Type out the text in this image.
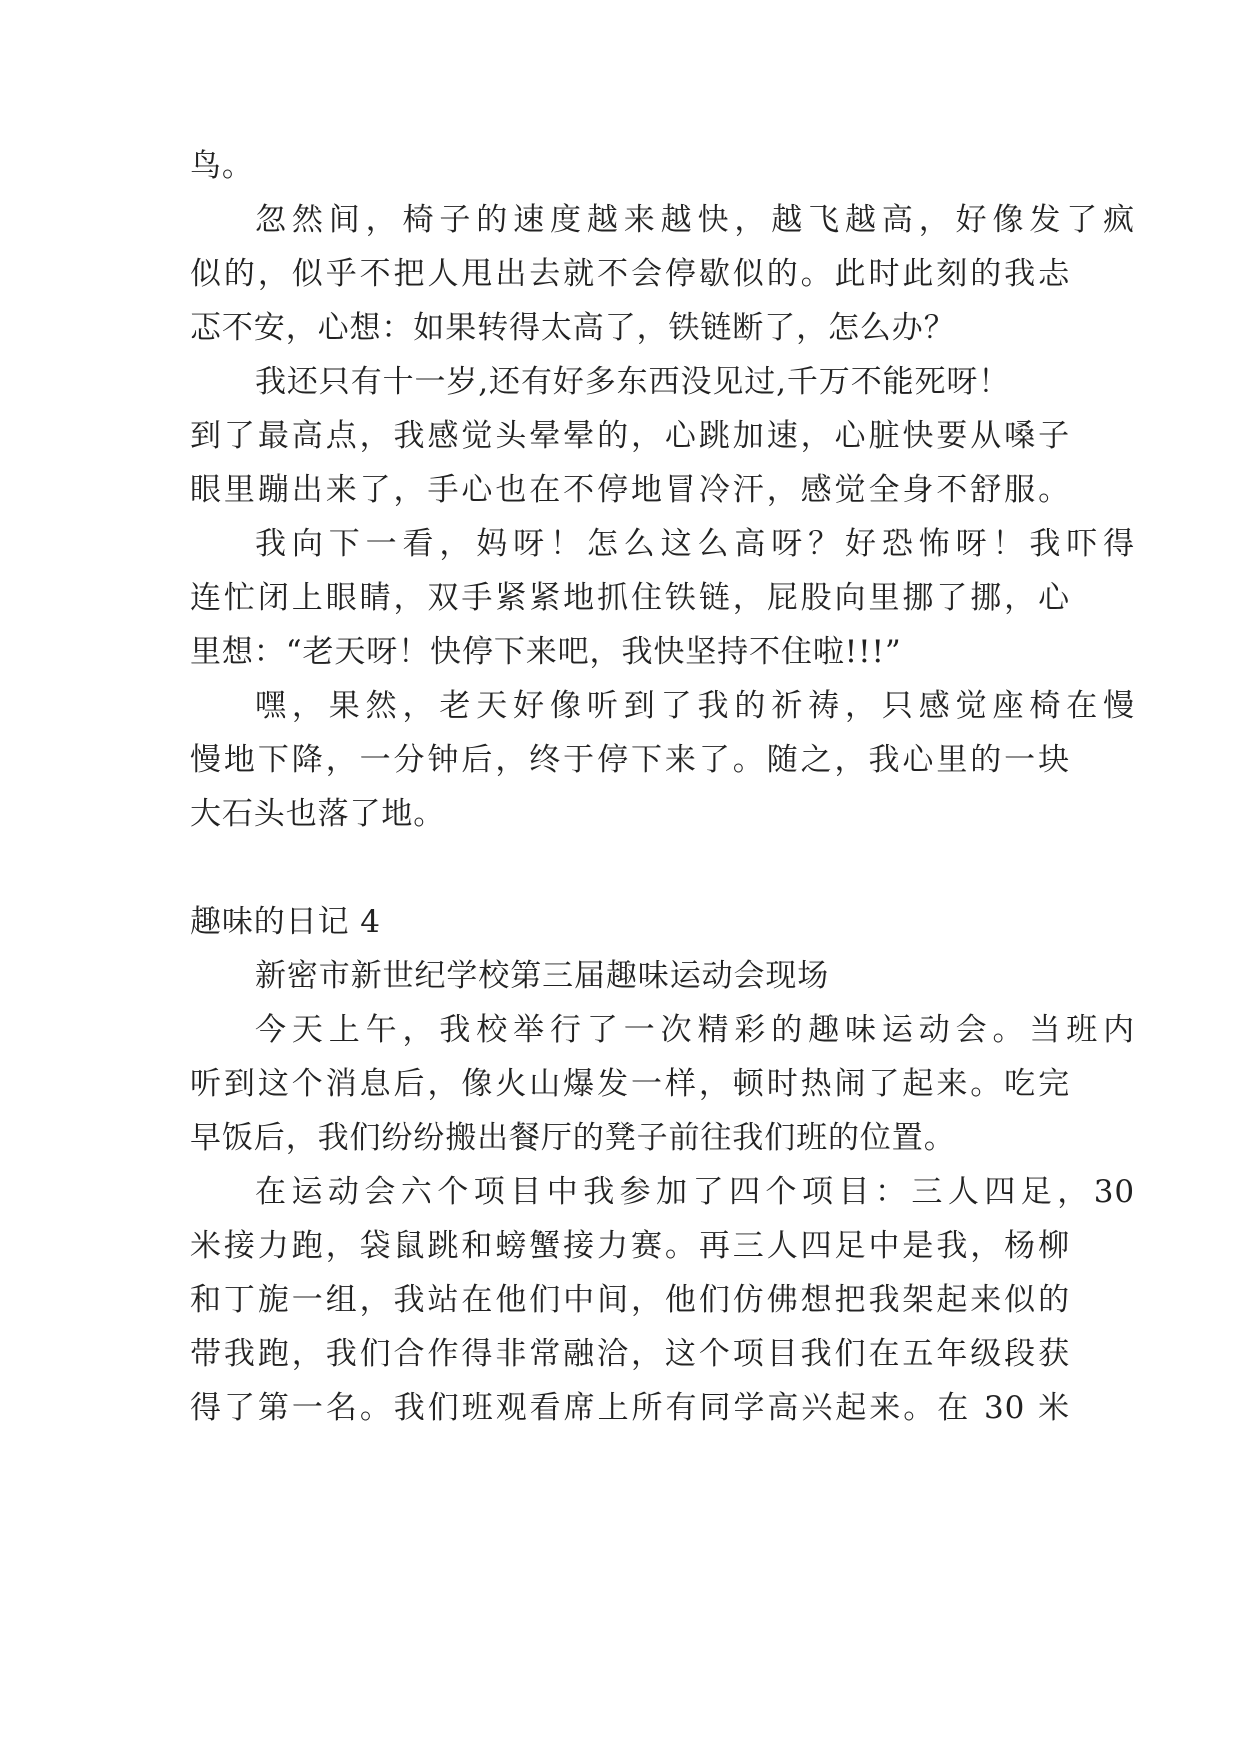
鸟。
忽然间，椅子的速度越来越快，越飞越高，好像发了疯
似的，似乎不把人甩出去就不会停歇似的。此时此刻的我忐
忑不安，心想：如果转得太高了，铁链断了，怎么办？
我还只有十一岁,还有好多东西没见过,千万不能死呀！
到了最高点，我感觉头晕晕的，心跳加速，心脏快要从嗓子
眼里蹦出来了，手心也在不停地冒冷汗，感觉全身不舒服。
我向下一看，妈呀！怎么这么高呀？好恐怖呀！我吓得
连忙闭上眼睛，双手紧紧地抓住铁链，屁股向里挪了挪，心
里想：“老天呀！快停下来吧，我快坚持不住啦!!!”
嘿，果然，老天好像听到了我的祈祷，只感觉座椅在慢
慢地下降，一分钟后，终于停下来了。随之，我心里的一块
大石头也落了地。
趣味的日记 4
新密市新世纪学校第三届趣味运动会现场
今天上午，我校举行了一次精彩的趣味运动会。当班内
听到这个消息后，像火山爆发一样，顿时热闹了起来。吃完
早饭后，我们纷纷搬出餐厅的凳子前往我们班的位置。
在运动会六个项目中我参加了四个项目：三人四足，30
米接力跑，袋鼠跳和螃蟹接力赛。再三人四足中是我，杨柳
和丁旎一组，我站在他们中间，他们仿佛想把我架起来似的
带我跑，我们合作得非常融洽，这个项目我们在五年级段获
得了第一名。我们班观看席上所有同学高兴起来。在 30 米
